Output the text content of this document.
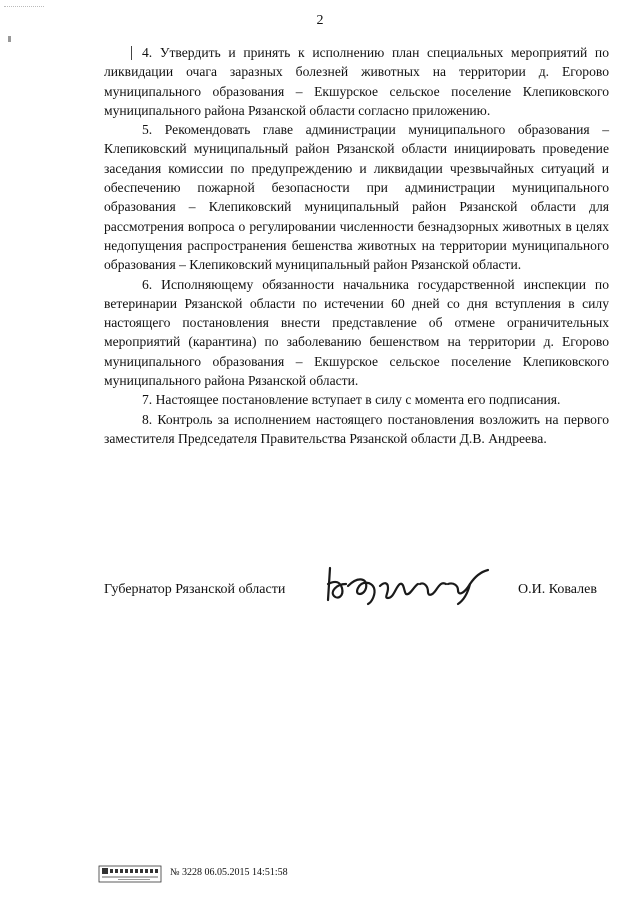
2

4. Утвердить и принять к исполнению план специальных мероприятий по ликвидации очага заразных болезней животных на территории д. Егорово муниципального образования – Екшурское сельское поселение Клепиковского муниципального района Рязанской области согласно приложению.

5. Рекомендовать главе администрации муниципального образования – Клепиковский муниципальный район Рязанской области инициировать проведение заседания комиссии по предупреждению и ликвидации чрезвычайных ситуаций и обеспечению пожарной безопасности при администрации муниципального образования – Клепиковский муниципальный район Рязанской области для рассмотрения вопроса о регулировании численности безнадзорных животных в целях недопущения распространения бешенства животных на территории муниципального образования – Клепиковский муниципальный район Рязанской области.

6. Исполняющему обязанности начальника государственной инспекции по ветеринарии Рязанской области по истечении 60 дней со дня вступления в силу настоящего постановления внести представление об отмене ограничительных мероприятий (карантина) по заболеванию бешенством на территории д. Егорово муниципального образования – Екшурское сельское поселение Клепиковского муниципального района Рязанской области.

7. Настоящее постановление вступает в силу с момента его подписания.

8. Контроль за исполнением настоящего постановления возложить на первого заместителя Председателя Правительства Рязанской области Д.В. Андреева.

Губернатор Рязанской области	О.И. Ковалев
№ 3228 06.05.2015 14:51:58
